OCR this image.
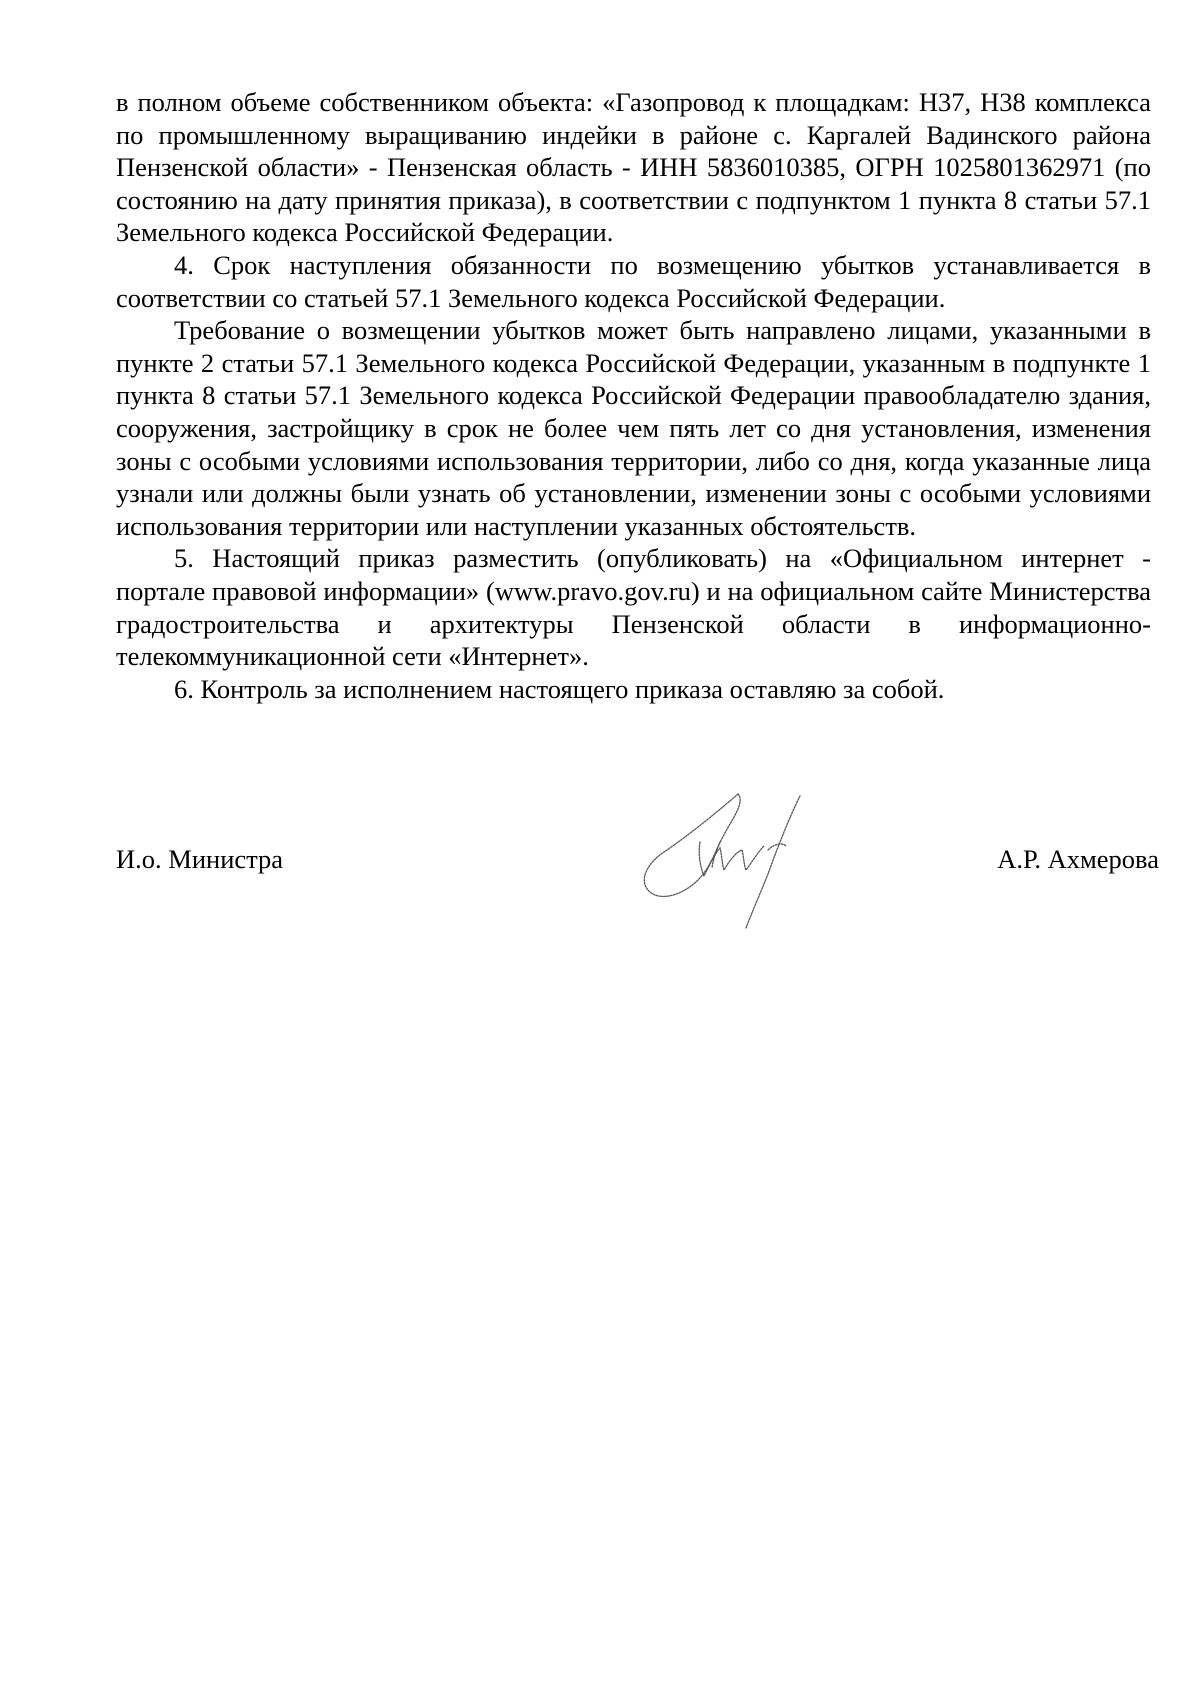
в полном объеме собственником объекта: «Газопровод к площадкам: Н37, Н38 комплекса по промышленному выращиванию индейки в районе с. Каргалей Вадинского района Пензенской области» - Пензенская область - ИНН 5836010385, ОГРН 1025801362971 (по состоянию на дату принятия приказа), в соответствии с подпунктом 1 пункта 8 статьи 57.1 Земельного кодекса Российской Федерации.

4. Срок наступления обязанности по возмещению убытков устанавливается в соответствии со статьей 57.1 Земельного кодекса Российской Федерации.

Требование о возмещении убытков может быть направлено лицами, указанными в пункте 2 статьи 57.1 Земельного кодекса Российской Федерации, указанным в подпункте 1 пункта 8 статьи 57.1 Земельного кодекса Российской Федерации правообладателю здания, сооружения, застройщику в срок не более чем пять лет со дня установления, изменения зоны с особыми условиями использования территории, либо со дня, когда указанные лица узнали или должны были узнать об установлении, изменении зоны с особыми условиями использования территории или наступлении указанных обстоятельств.

5. Настоящий приказ разместить (опубликовать) на «Официальном интернет - портале правовой информации» (www.pravo.gov.ru) и на официальном сайте Министерства градостроительства и архитектуры Пензенской области в информационно-телекоммуникационной сети «Интернет».

6. Контроль за исполнением настоящего приказа оставляю за собой.

И.о. Министра	А.Р. Ахмерова
